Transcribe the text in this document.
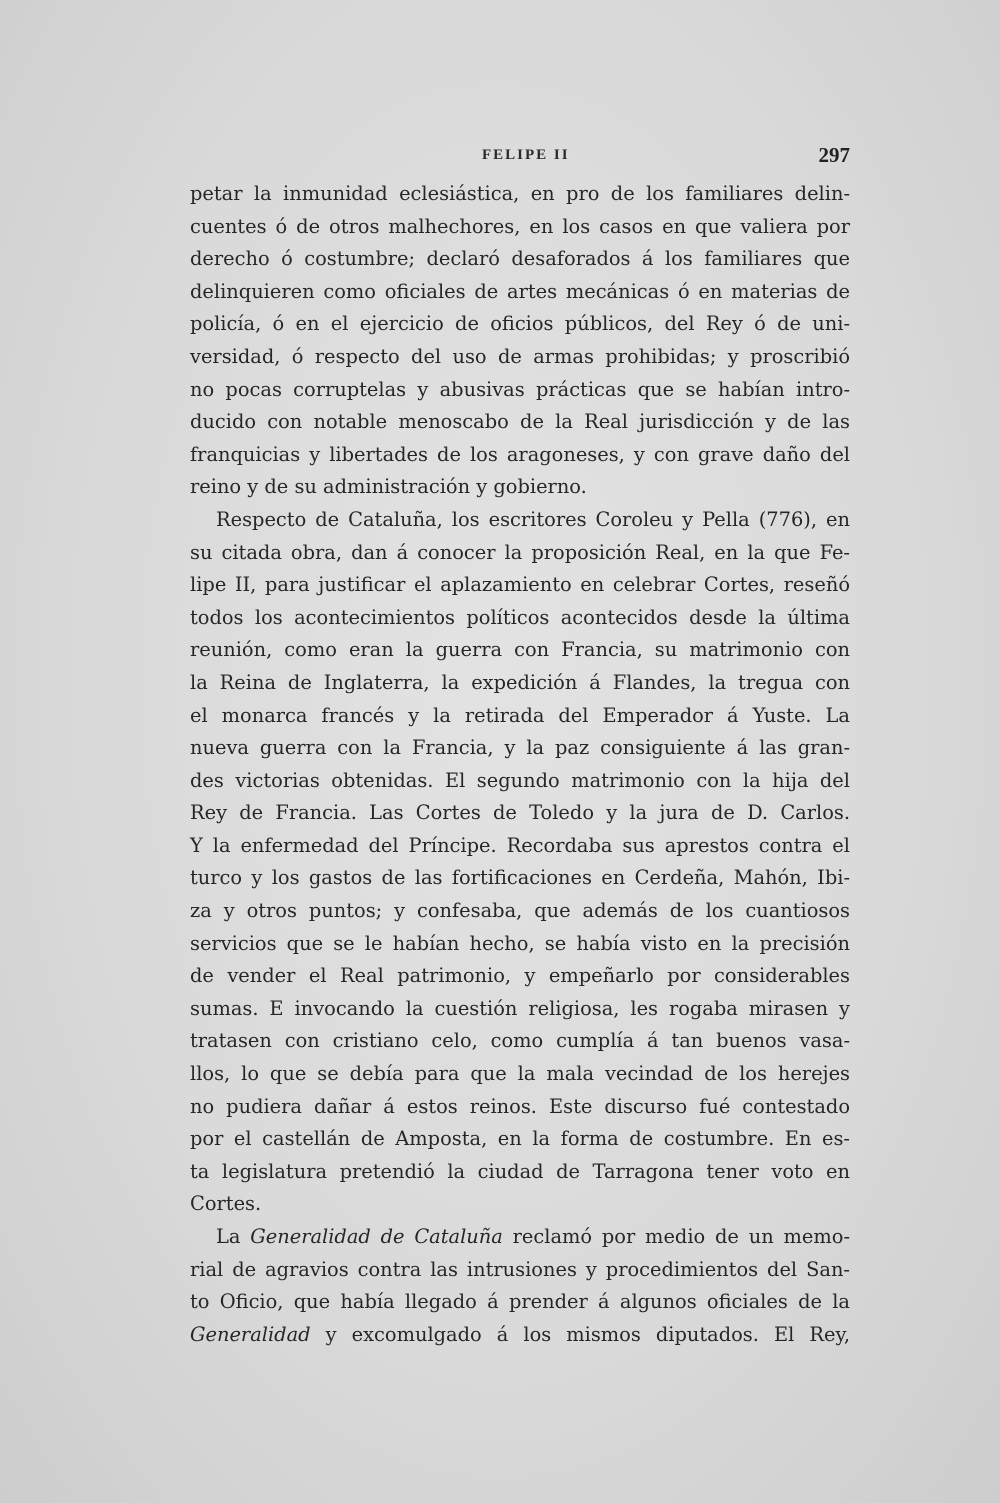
FELIPE II	297
petar la inmunidad eclesiástica, en pro de los familiares delin-
cuentes ó de otros malhechores, en los casos en que valiera por
derecho ó costumbre; declaró desaforados á los familiares que
delinquieren como oficiales de artes mecánicas ó en materias de
policía, ó en el ejercicio de oficios públicos, del Rey ó de uni-
versidad, ó respecto del uso de armas prohibidas; y proscribió
no pocas corruptelas y abusivas prácticas que se habían intro-
ducido con notable menoscabo de la Real jurisdicción y de las
franquicias y libertades de los aragoneses, y con grave daño del
reino y de su administración y gobierno.
Respecto de Cataluña, los escritores Coroleu y Pella (776), en
su citada obra, dan á conocer la proposición Real, en la que Fe-
lipe II, para justificar el aplazamiento en celebrar Cortes, reseñó
todos los acontecimientos políticos acontecidos desde la última
reunión, como eran la guerra con Francia, su matrimonio con
la Reina de Inglaterra, la expedición á Flandes, la tregua con
el monarca francés y la retirada del Emperador á Yuste. La
nueva guerra con la Francia, y la paz consiguiente á las gran-
des victorias obtenidas. El segundo matrimonio con la hija del
Rey de Francia. Las Cortes de Toledo y la jura de D. Carlos.
Y la enfermedad del Príncipe. Recordaba sus aprestos contra el
turco y los gastos de las fortificaciones en Cerdeña, Mahón, Ibi-
za y otros puntos; y confesaba, que además de los cuantiosos
servicios que se le habían hecho, se había visto en la precisión
de vender el Real patrimonio, y empeñarlo por considerables
sumas. E invocando la cuestión religiosa, les rogaba mirasen y
tratasen con cristiano celo, como cumplía á tan buenos vasa-
llos, lo que se debía para que la mala vecindad de los herejes
no pudiera dañar á estos reinos. Este discurso fué contestado
por el castellán de Amposta, en la forma de costumbre. En es-
ta legislatura pretendió la ciudad de Tarragona tener voto en
Cortes.
La Generalidad de Cataluña reclamó por medio de un memo-
rial de agravios contra las intrusiones y procedimientos del San-
to Oficio, que había llegado á prender á algunos oficiales de la
Generalidad y excomulgado á los mismos diputados. El Rey,
